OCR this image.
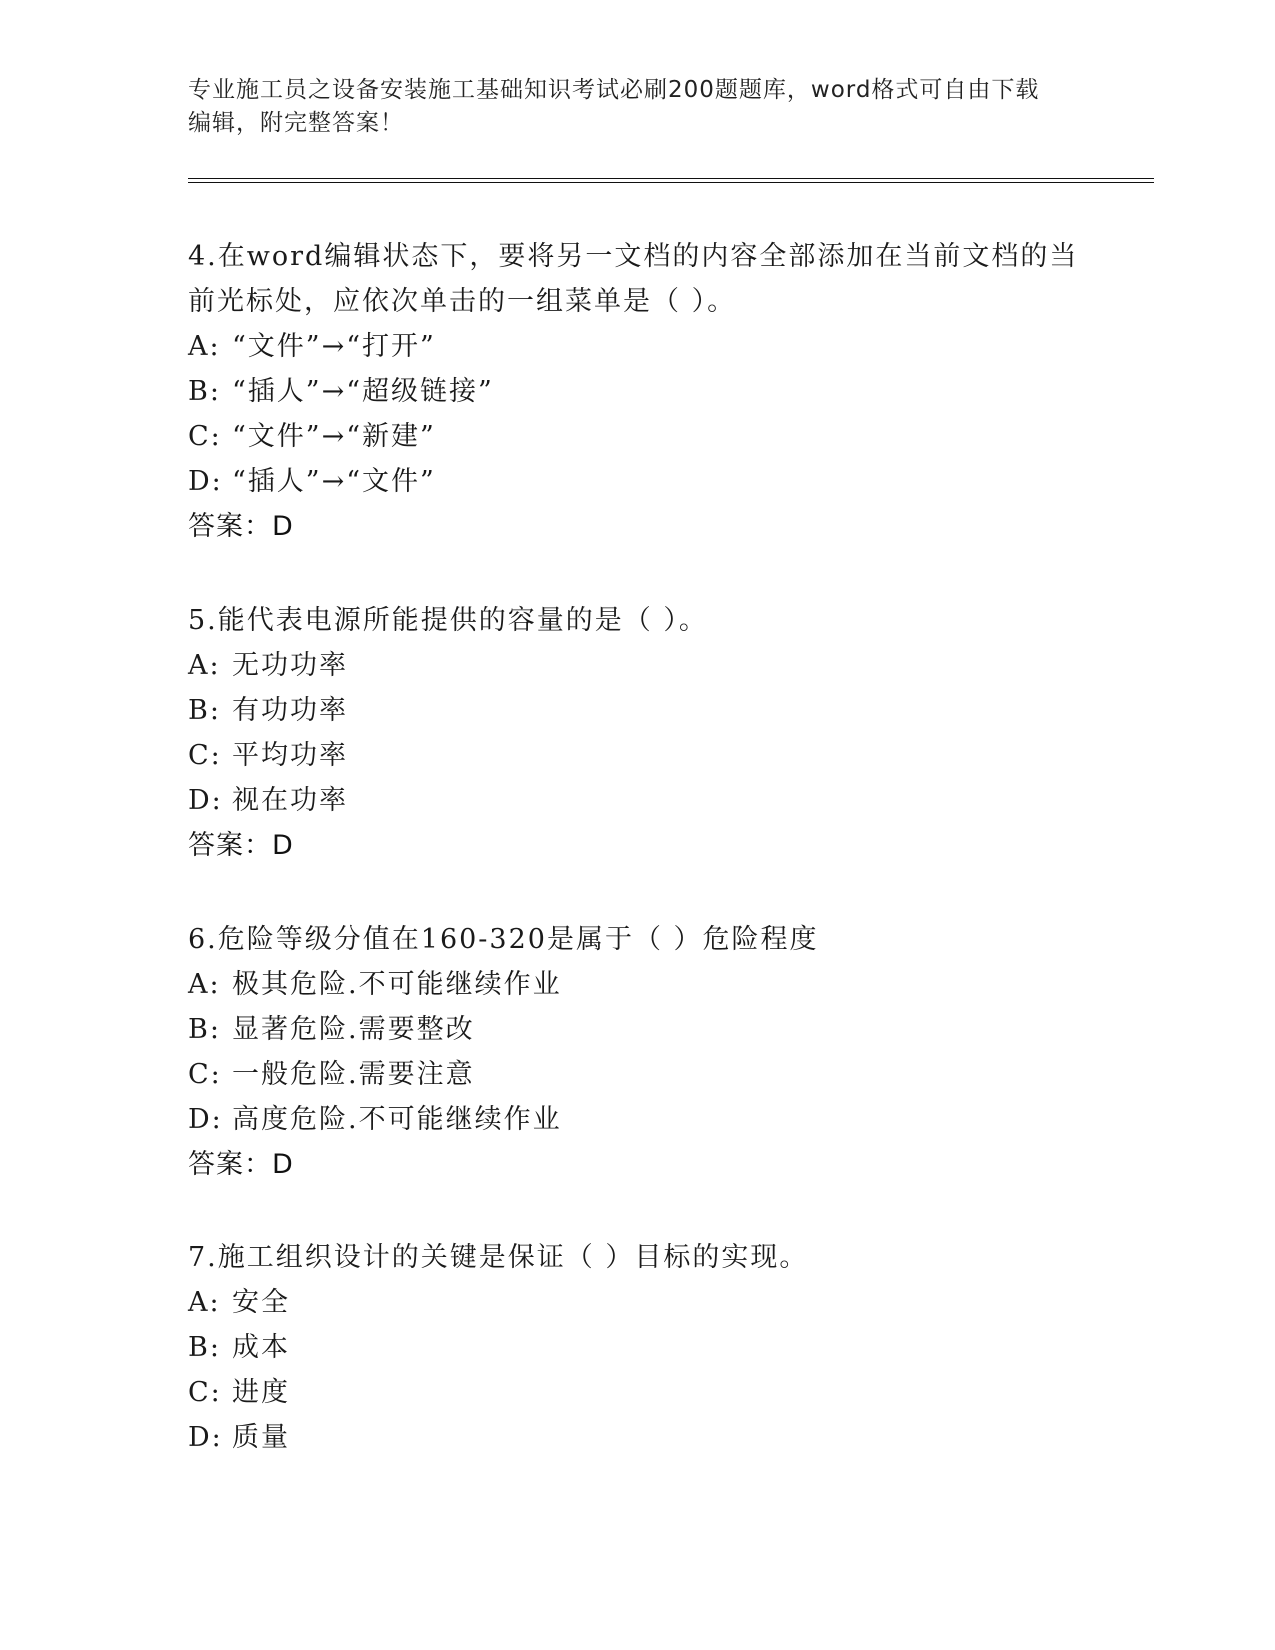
专业施工员之设备安装施工基础知识考试必刷200题题库，word格式可自由下载
编辑，附完整答案！
4.在word编辑状态下，要将另一文档的内容全部添加在当前文档的当
前光标处，应依次单击的一组菜单是（ ）。
A: “文件”→“打开”
B: “插人”→“超级链接”
C: “文件”→“新建”
D: “插人”→“文件”
答案：D
5.能代表电源所能提供的容量的是（ ）。
A: 无功功率
B: 有功功率
C: 平均功率
D: 视在功率
答案：D
6.危险等级分值在160-320是属于（ ）危险程度
A: 极其危险.不可能继续作业
B: 显著危险.需要整改
C: 一般危险.需要注意
D: 高度危险.不可能继续作业
答案：D
7.施工组织设计的关键是保证（ ）目标的实现。
A: 安全
B: 成本
C: 进度
D: 质量
